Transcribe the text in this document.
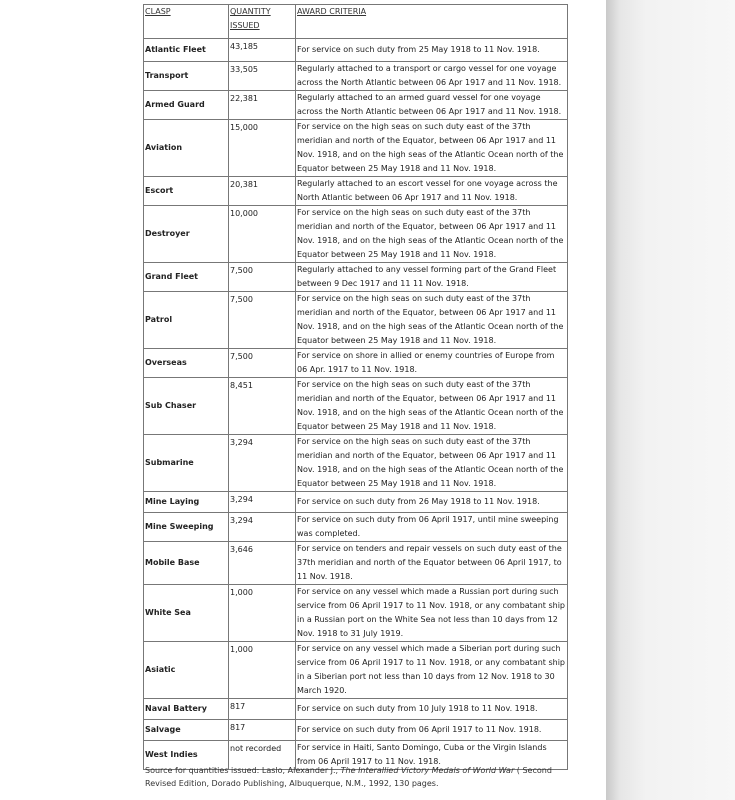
CLASP	QUANTITY ISSUED	AWARD CRITERIA
Atlantic Fleet	43,185	For service on such duty from 25 May 1918 to 11 Nov. 1918.
Transport	33,505	Regularly attached to a transport or cargo vessel for one voyage across the North Atlantic between 06 Apr 1917 and 11 Nov. 1918.
Armed Guard	22,381	Regularly attached to an armed guard vessel for one voyage across the North Atlantic between 06 Apr 1917 and 11 Nov. 1918.
Aviation	15,000	For service on the high seas on such duty east of the 37th meridian and north of the Equator, between 06 Apr 1917 and 11 Nov. 1918, and on the high seas of the Atlantic Ocean north of the Equator between 25 May 1918 and 11 Nov. 1918.
Escort	20,381	Regularly attached to an escort vessel for one voyage across the North Atlantic between 06 Apr 1917 and 11 Nov. 1918.
Destroyer	10,000	For service on the high seas on such duty east of the 37th meridian and north of the Equator, between 06 Apr 1917 and 11 Nov. 1918, and on the high seas of the Atlantic Ocean north of the Equator between 25 May 1918 and 11 Nov. 1918.
Grand Fleet	7,500	Regularly attached to any vessel forming part of the Grand Fleet between 9 Dec 1917 and 11 11 Nov. 1918.
Patrol	7,500	For service on the high seas on such duty east of the 37th meridian and north of the Equator, between 06 Apr 1917 and 11 Nov. 1918, and on the high seas of the Atlantic Ocean north of the Equator between 25 May 1918 and 11 Nov. 1918.
Overseas	7,500	For service on shore in allied or enemy countries of Europe from 06 Apr. 1917 to 11 Nov. 1918.
Sub Chaser	8,451	For service on the high seas on such duty east of the 37th meridian and north of the Equator, between 06 Apr 1917 and 11 Nov. 1918, and on the high seas of the Atlantic Ocean north of the Equator between 25 May 1918 and 11 Nov. 1918.
Submarine	3,294	For service on the high seas on such duty east of the 37th meridian and north of the Equator, between 06 Apr 1917 and 11 Nov. 1918, and on the high seas of the Atlantic Ocean north of the Equator between 25 May 1918 and 11 Nov. 1918.
Mine Laying	3,294	For service on such duty from 26 May 1918 to 11 Nov. 1918.
Mine Sweeping	3,294	For service on such duty from 06 April 1917, until mine sweeping was completed.
Mobile Base	3,646	For service on tenders and repair vessels on such duty east of the 37th meridian and north of the Equator between 06 April 1917, to 11 Nov. 1918.
White Sea	1,000	For service on any vessel which made a Russian port during such service from 06 April 1917 to 11 Nov. 1918, or any combatant ship in a Russian port on the White Sea not less than 10 days from 12 Nov. 1918 to 31 July 1919.
Asiatic	1,000	For service on any vessel which made a Siberian port during such service from 06 April 1917 to 11 Nov. 1918, or any combatant ship in a Siberian port not less than 10 days from 12 Nov. 1918 to 30 March 1920.
Naval Battery	817	For service on such duty from 10 July 1918 to 11 Nov. 1918.
Salvage	817	For service on such duty from 06 April 1917 to 11 Nov. 1918.
West Indies	not recorded	For service in Haiti, Santo Domingo, Cuba or the Virgin Islands from 06 April 1917 to 11 Nov. 1918.
Source for quantities issued: Laslo, Alexander J., The Interallied Victory Medals of World War ( Second Revised Edition, Dorado Publishing, Albuquerque, N.M., 1992, 130 pages.
